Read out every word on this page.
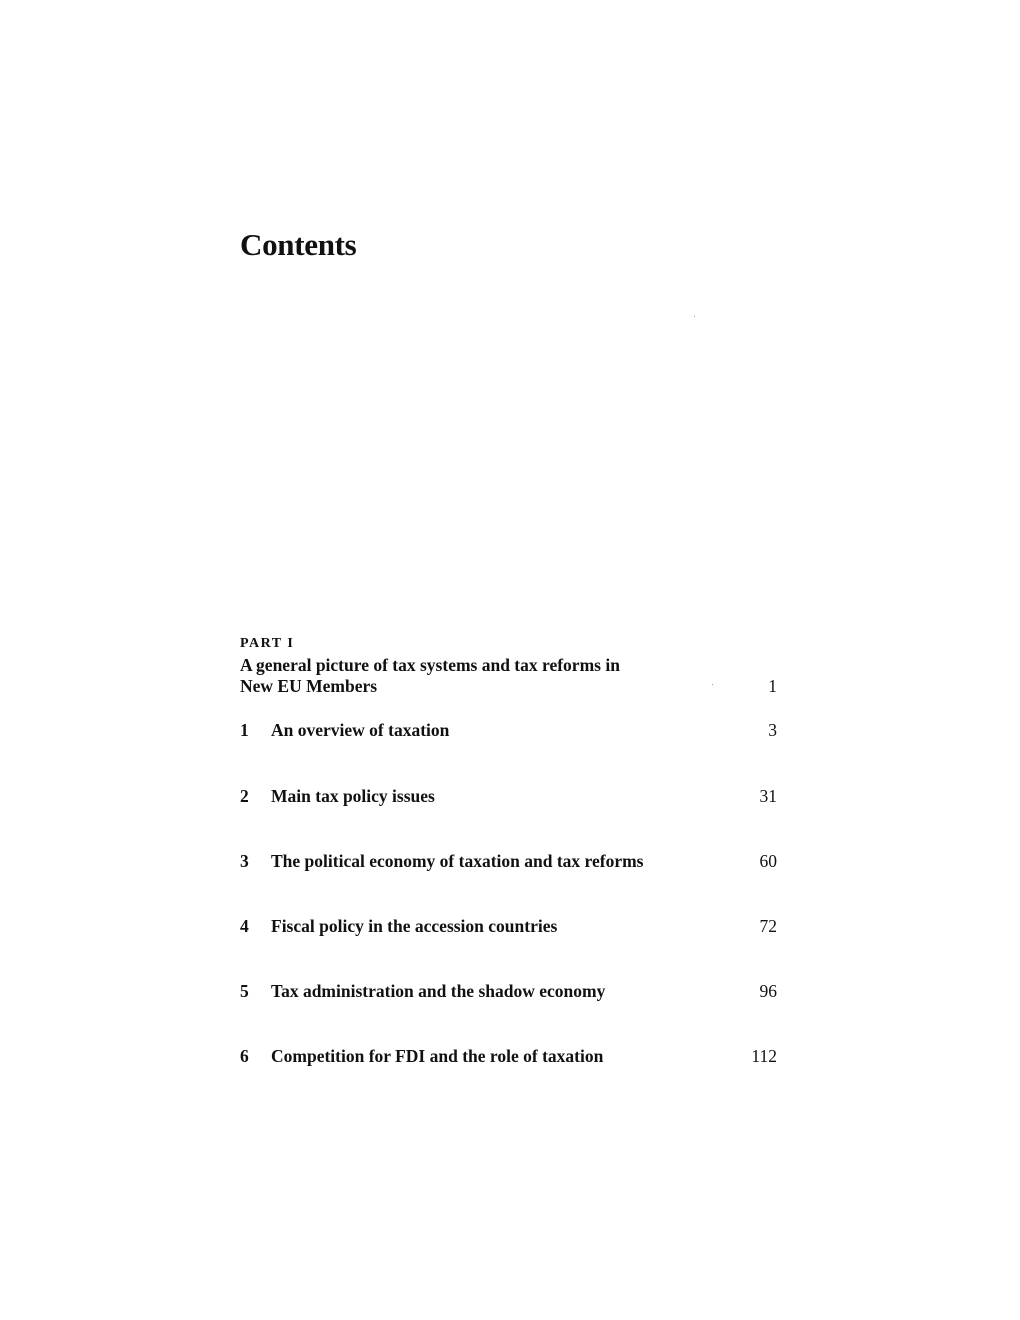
Contents
PART I
A general picture of tax systems and tax reforms in
New EU Members	1
1 An overview of taxation	3
2 Main tax policy issues	31
3 The political economy of taxation and tax reforms	60
4 Fiscal policy in the accession countries	72
5 Tax administration and the shadow economy	96
6 Competition for FDI and the role of taxation	112
